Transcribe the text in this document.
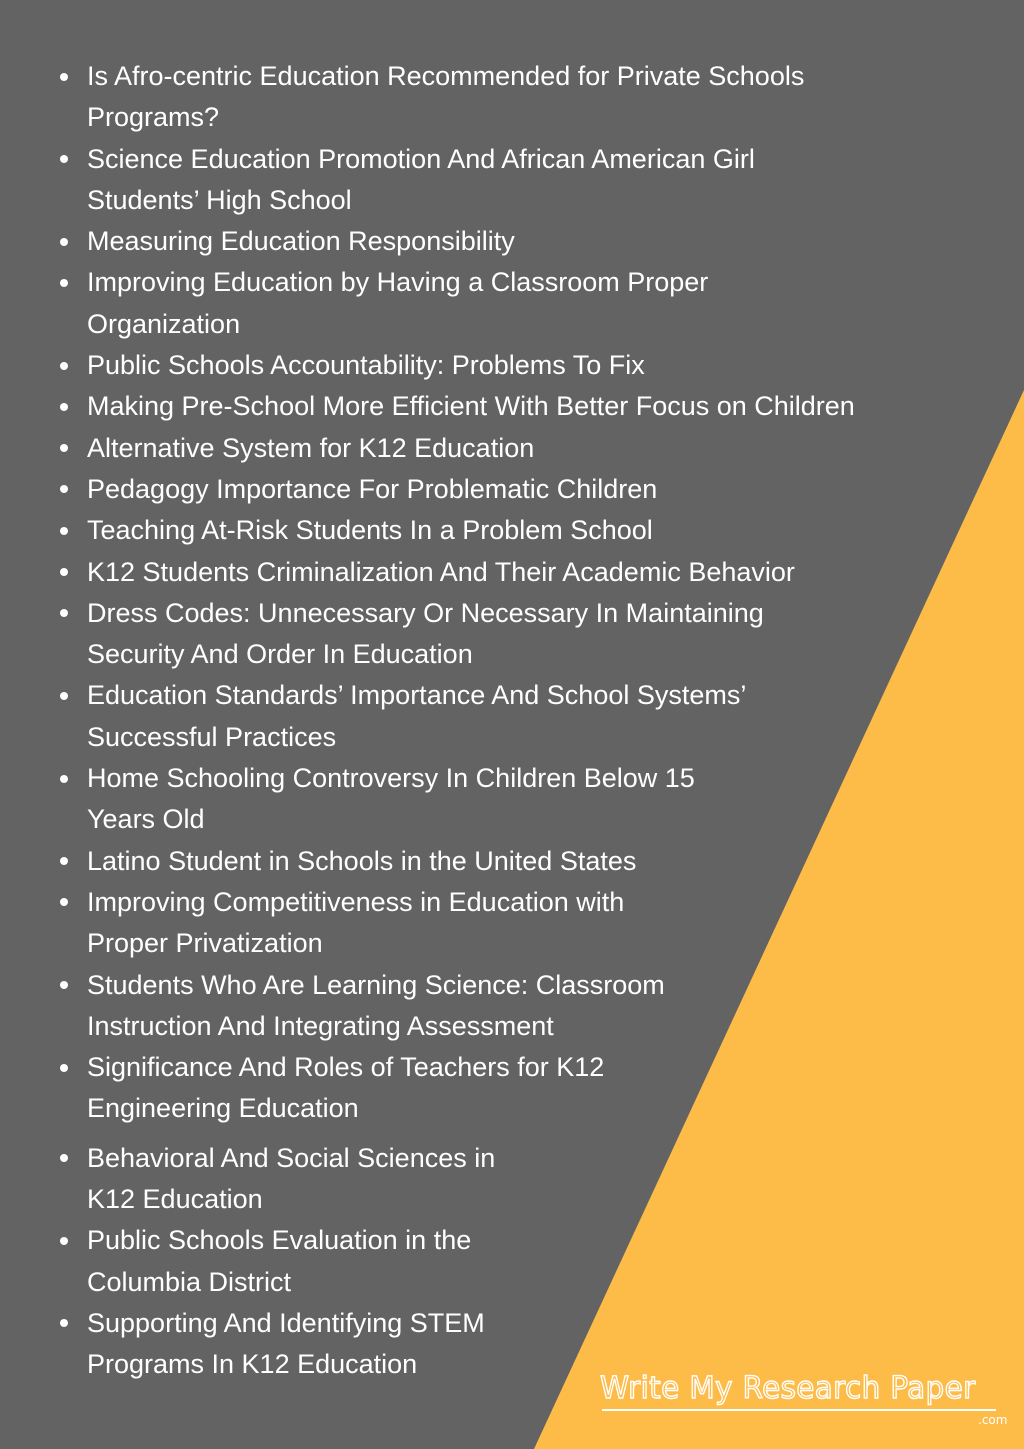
Is Afro-centric Education Recommended for Private Schools
Programs?
Science Education Promotion And African American Girl
Students’ High School
Measuring Education Responsibility
Improving Education by Having a Classroom Proper
Organization
Public Schools Accountability: Problems To Fix
Making Pre-School More Efficient With Better Focus on Children
Alternative System for K12 Education
Pedagogy Importance For Problematic Children
Teaching At-Risk Students In a Problem School
K12 Students Criminalization And Their Academic Behavior
Dress Codes: Unnecessary Or Necessary In Maintaining
Security And Order In Education
Education Standards’ Importance And School Systems’
Successful Practices
Home Schooling Controversy In Children Below 15
Years Old
Latino Student in Schools in the United States
Improving Competitiveness in Education with
Proper Privatization
Students Who Are Learning Science: Classroom
Instruction And Integrating Assessment
Significance And Roles of Teachers for K12
Engineering Education
Behavioral And Social Sciences in
K12 Education
Public Schools Evaluation in the
Columbia District
Supporting And Identifying STEM
Programs In K12 Education
Write My Research Paper
.com
